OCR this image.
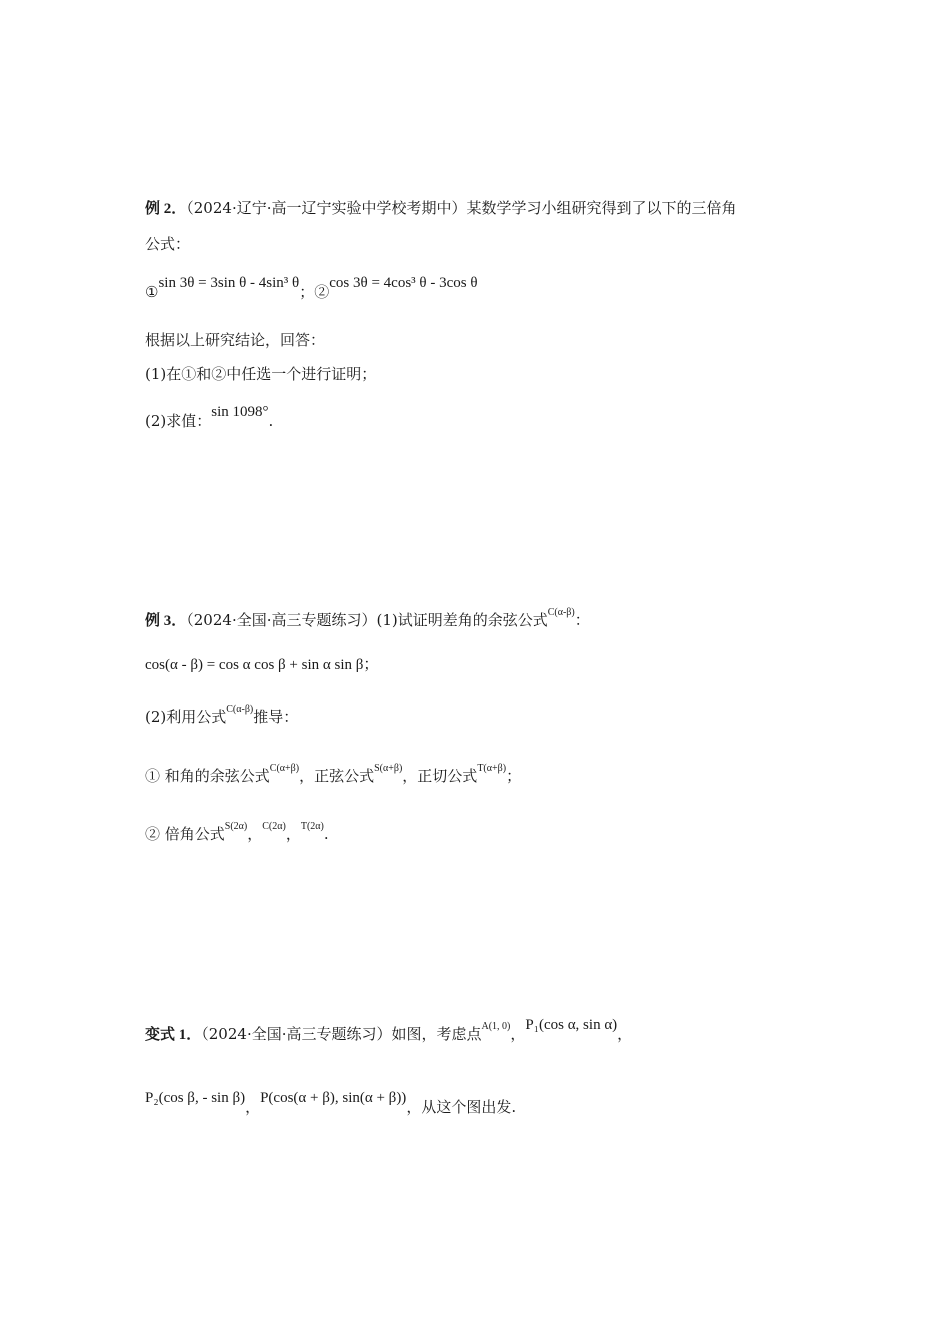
例 2．（2024·辽宁·高一辽宁实验中学校考期中）某数学学习小组研究得到了以下的三倍角
公式：
①sin 3θ = 3sin θ - 4sin³ θ；②cos 3θ = 4cos³ θ - 3cos θ
根据以上研究结论，回答：
(1)在①和②中任选一个进行证明；
(2)求值：sin 1098°.
例 3．（2024·全国·高三专题练习）(1)试证明差角的余弦公式$^{C(\alpha-\beta)}$：
cos(α - β) = cos α cos β + sin α sin β；
(2)利用公式$^{C(\alpha-\beta)}$推导：
① 和角的余弦公式$^{C(\alpha+\beta)}$，正弦公式$^{S(\alpha+\beta)}$，正切公式$^{T(\alpha+\beta)}$；
② 倍角公式$^{S(2\alpha)}$，$^{C(2\alpha)}$，$^{T(2\alpha)}$.
变式 1．（2024·全国·高三专题练习）如图，考虑点$^{A(1, 0)}$，P₁(cos α, sin α)，
P₂(cos β, - sin β)，P(cos(α + β), sin(α + β))，从这个图出发.
